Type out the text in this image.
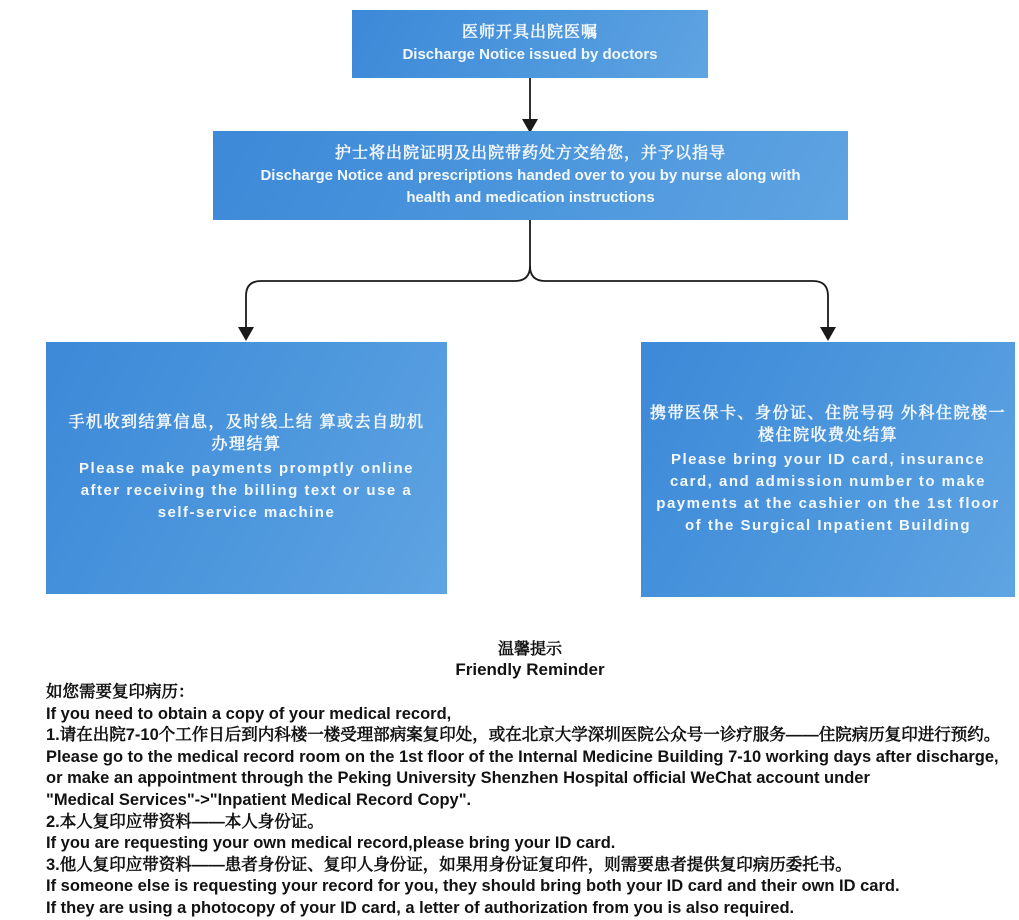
医师开具出院医嘱
Discharge Notice issued by doctors
护士将出院证明及出院带药处方交给您，并予以指导
Discharge Notice and prescriptions handed over to you by nurse along with health and medication instructions
手机收到结算信息，及时线上结 算或去自助机办理结算
Please make payments promptly online after receiving the billing text or use a self-service machine
携带医保卡、身份证、住院号码 外科住院楼一楼住院收费处结算
Please bring your ID card, insurance card, and admission number to make payments at the cashier on the 1st floor of the Surgical Inpatient Building
温馨提示
Friendly Reminder
如您需要复印病历：
If you need to obtain a copy of your medical record,
1.请在出院7-10个工作日后到内科楼一楼受理部病案复印处，或在北京大学深圳医院公众号一诊疗服务——住院病历复印进行预约。
Please go to the medical record room on the 1st floor of the Internal Medicine Building 7-10 working days after discharge,
or make an appointment through the Peking University Shenzhen Hospital official WeChat account under
"Medical Services"->"Inpatient Medical Record Copy".
2.本人复印应带资料——本人身份证。
If you are requesting your own medical record,please bring your ID card.
3.他人复印应带资料——患者身份证、复印人身份证，如果用身份证复印件，则需要患者提供复印病历委托书。
If someone else is requesting your record for you, they should bring both your ID card and their own ID card.
If they are using a photocopy of your ID card, a letter of authorization from you is also required.
